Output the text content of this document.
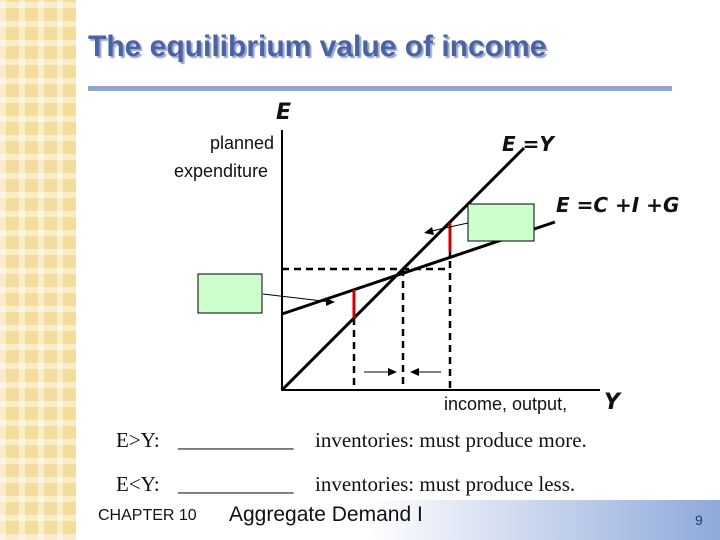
The equilibrium value of income
E
planned
expenditure
E =Y
E =C +I +G
income, output, Y
E>Y: ___________ inventories: must produce more.
E<Y: ___________ inventories: must produce less.
CHAPTER 10 Aggregate Demand I	9
